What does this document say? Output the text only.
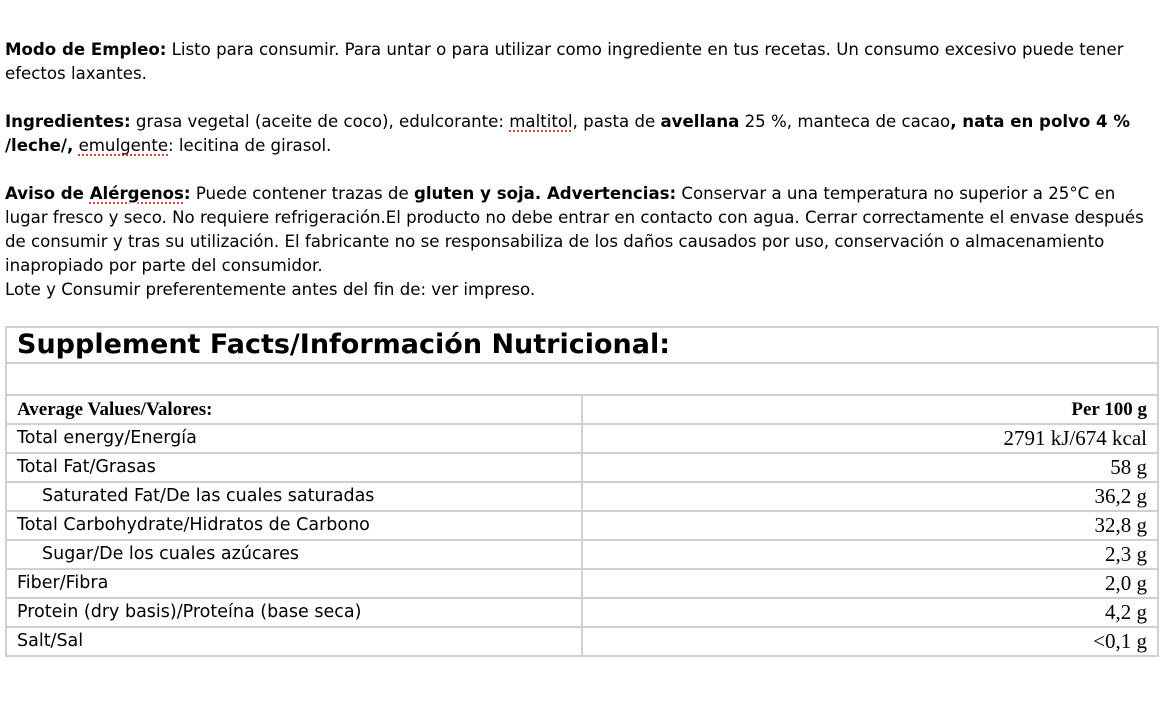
Modo de Empleo: Listo para consumir. Para untar o para utilizar como ingrediente en tus recetas. Un consumo excesivo puede tener efectos laxantes.

Ingredientes: grasa vegetal (aceite de coco), edulcorante: maltitol, pasta de avellana 25 %, manteca de cacao, nata en polvo 4 % /leche/, emulgente: lecitina de girasol.

Aviso de Alérgenos: Puede contener trazas de gluten y soja. Advertencias: Conservar a una temperatura no superior a 25°C en lugar fresco y seco. No requiere refrigeración.El producto no debe entrar en contacto con agua. Cerrar correctamente el envase después de consumir y tras su utilización. El fabricante no se responsabiliza de los daños causados por uso, conservación o almacenamiento inapropiado por parte del consumidor.
Lote y Consumir preferentemente antes del fin de: ver impreso.

Supplement Facts/Información Nutricional:	

Average Values/Valores:	Per 100 g
Total energy/Energía	2791 kJ/674 kcal
Total Fat/Grasas	58 g
Saturated Fat/De las cuales saturadas	36,2 g
Total Carbohydrate/Hidratos de Carbono	32,8 g
Sugar/De los cuales azúcares	2,3 g
Fiber/Fibra	2,0 g
Protein (dry basis)/Proteína (base seca)	4,2 g
Salt/Sal	<0,1 g
